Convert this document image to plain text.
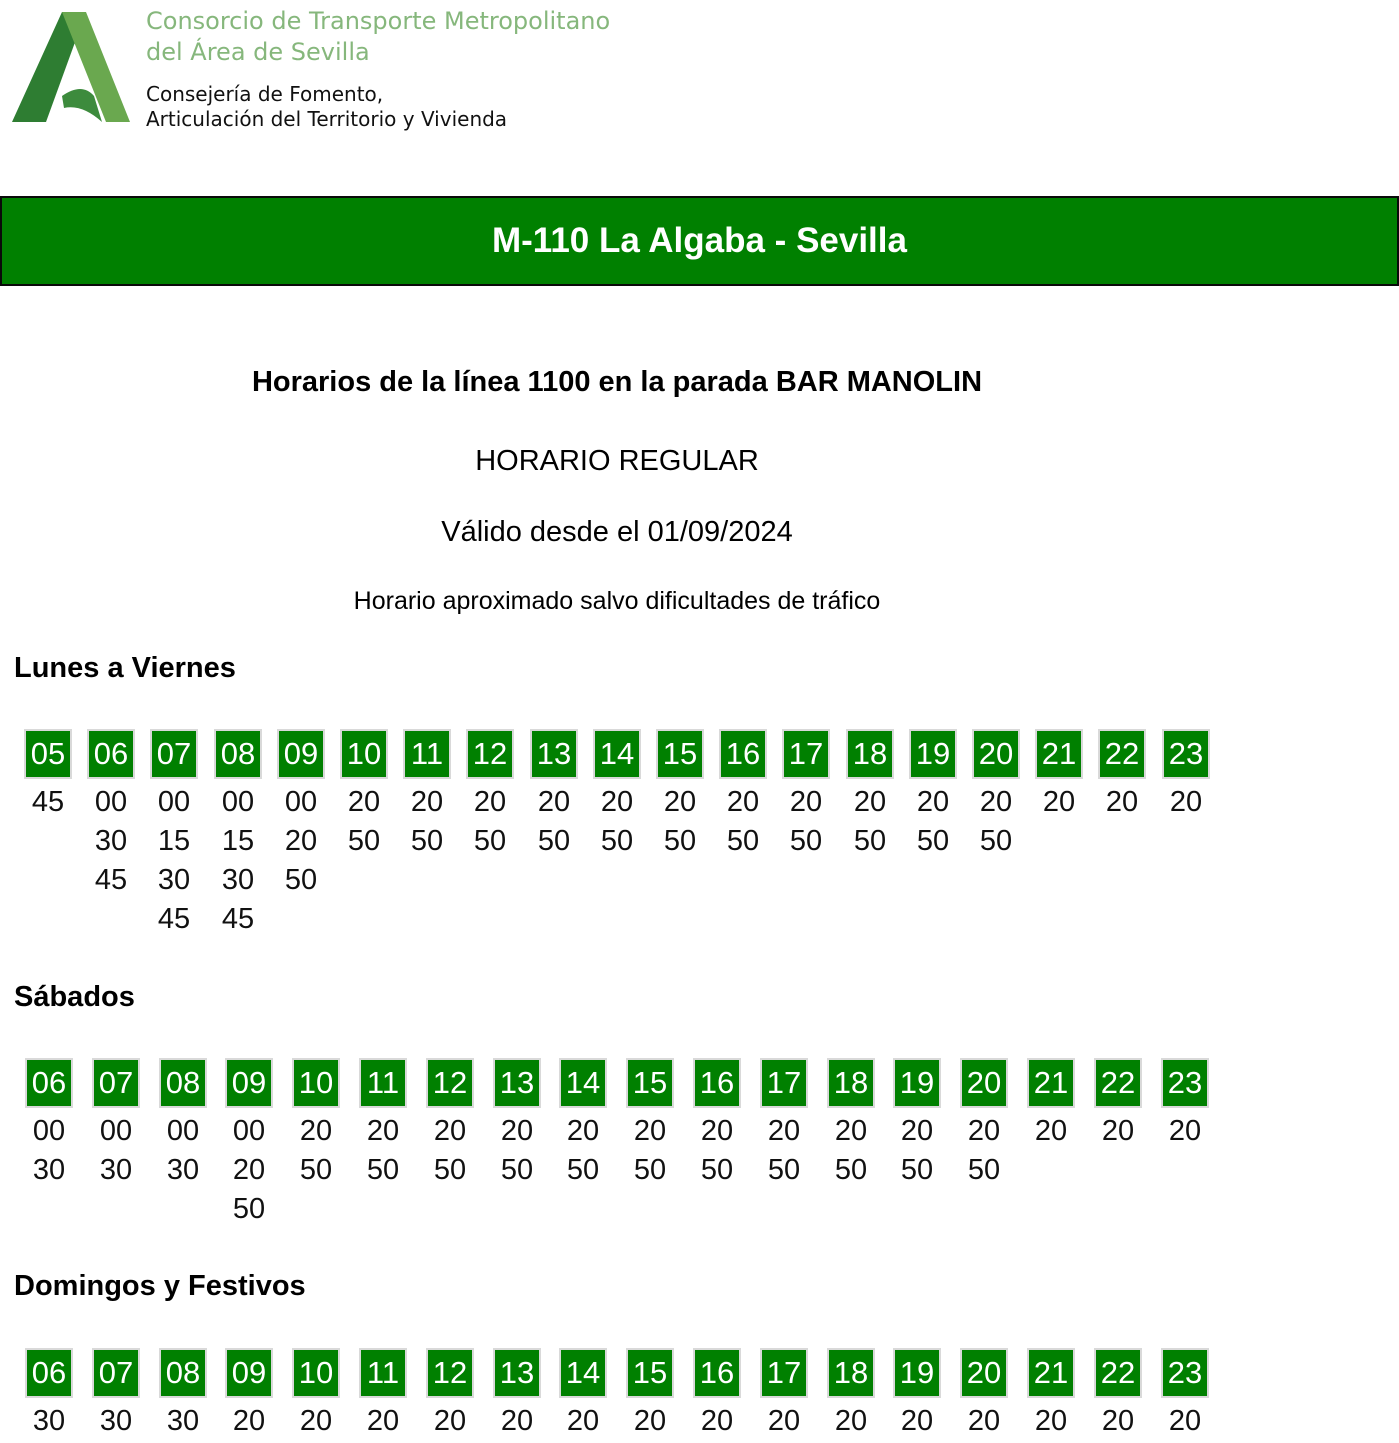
Consorcio de Transporte Metropolitano
del Área de Sevilla
Consejería de Fomento,
Articulación del Territorio y Vivienda
M-110 La Algaba - Sevilla
Horarios de la línea 1100 en la parada BAR MANOLIN
HORARIO REGULAR
Válido desde el 01/09/2024
Horario aproximado salvo dificultades de tráfico
Lunes a Viernes
Sábados
Domingos y Festivos
05
45
06
00
30
45
07
00
15
30
45
08
00
15
30
45
09
00
20
50
10
20
50
11
20
50
12
20
50
13
20
50
14
20
50
15
20
50
16
20
50
17
20
50
18
20
50
19
20
50
20
20
50
21
20
22
20
23
20
06
00
30
07
00
30
08
00
30
09
00
20
50
10
20
50
11
20
50
12
20
50
13
20
50
14
20
50
15
20
50
16
20
50
17
20
50
18
20
50
19
20
50
20
20
50
21
20
22
20
23
20
06
30
07
30
08
30
09
20
10
20
11
20
12
20
13
20
14
20
15
20
16
20
17
20
18
20
19
20
20
20
21
20
22
20
23
20
